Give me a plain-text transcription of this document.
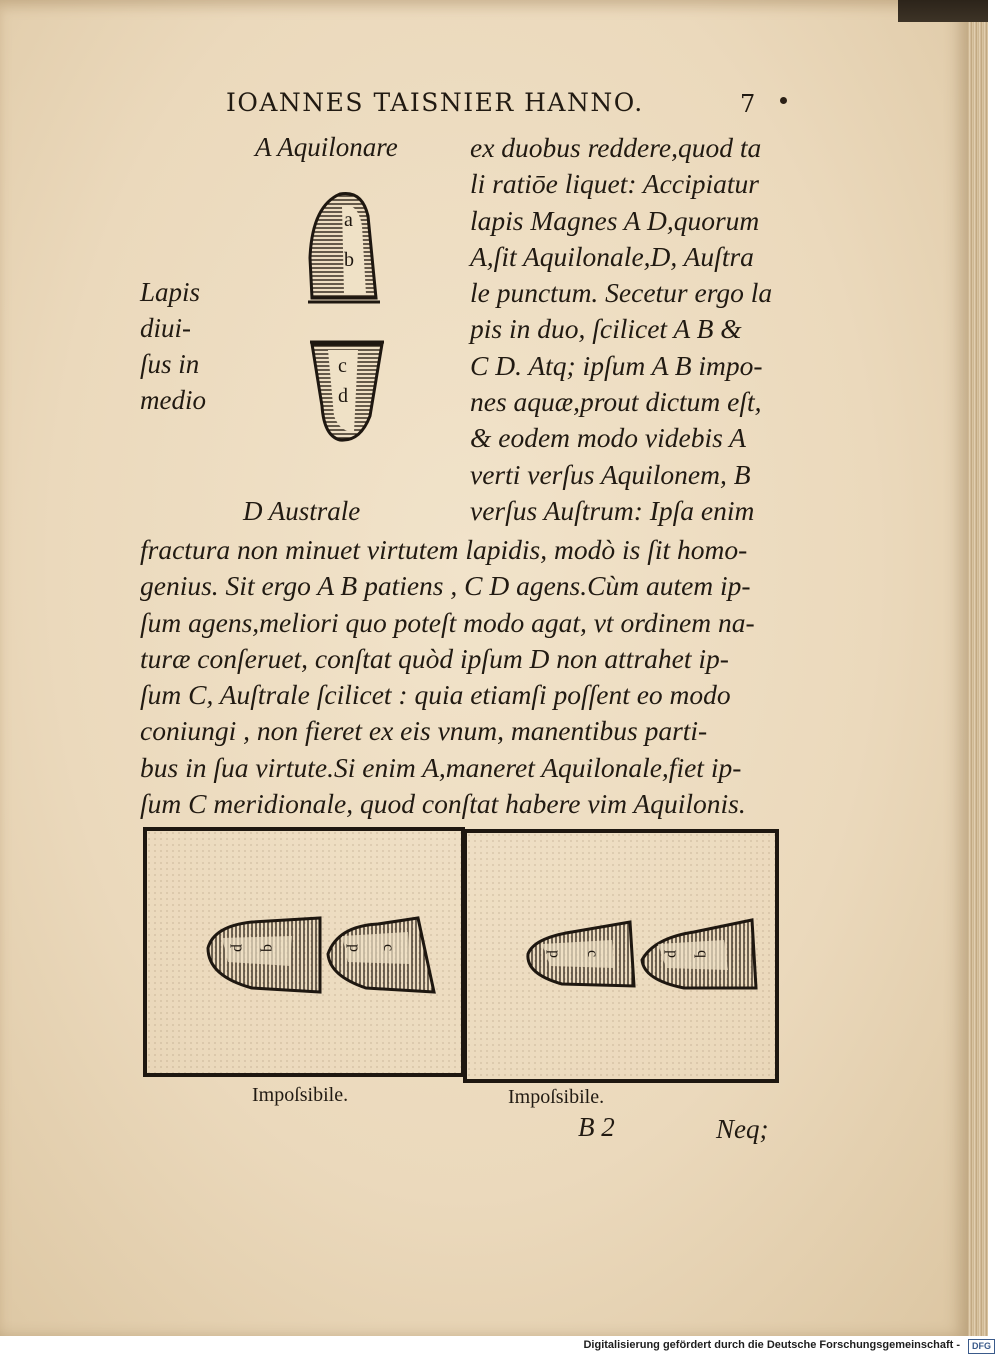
IOANNES TAISNIER HANNO.	7
A Aquilonare
D Australe
a
b
c
d
Lapis
diui-
ſus in
medio
ex duobus reddere,quod ta
li ratiōe liquet: Accipiatur
lapis Magnes A D,quorum
A,ſit Aquilonale,D, Auſtra
le punctum. Secetur ergo la
pis in duo, ſcilicet A B &
C D. Atq; ipſum A B impo-
nes aquæ,prout dictum eſt,
& eodem modo videbis A
verti verſus Aquilonem, B
verſus Auſtrum: Ipſa enim
fractura non minuet virtutem lapidis, modò is ſit homo-
genius. Sit ergo A B patiens , C D agens.Cùm autem ip-
ſum agens,meliori quo poteſt modo agat, vt ordinem na-
turæ conſeruet, conſtat quòd ipſum D non attrahet ip-
ſum C, Auſtrale ſcilicet : quia etiamſi poſſent eo modo
coniungi , non fieret ex eis vnum, manentibus parti-
bus in ſua virtute.Si enim A,maneret Aquilonale,fiet ip-
ſum C meridionale, quod conſtat habere vim Aquilonis.
p q	p c
Impoſsibile.
p c	p q
Impoſsibile.
B 2	Neq;
Digitalisierung gefördert durch die Deutsche Forschungsgemeinschaft -	DFG
